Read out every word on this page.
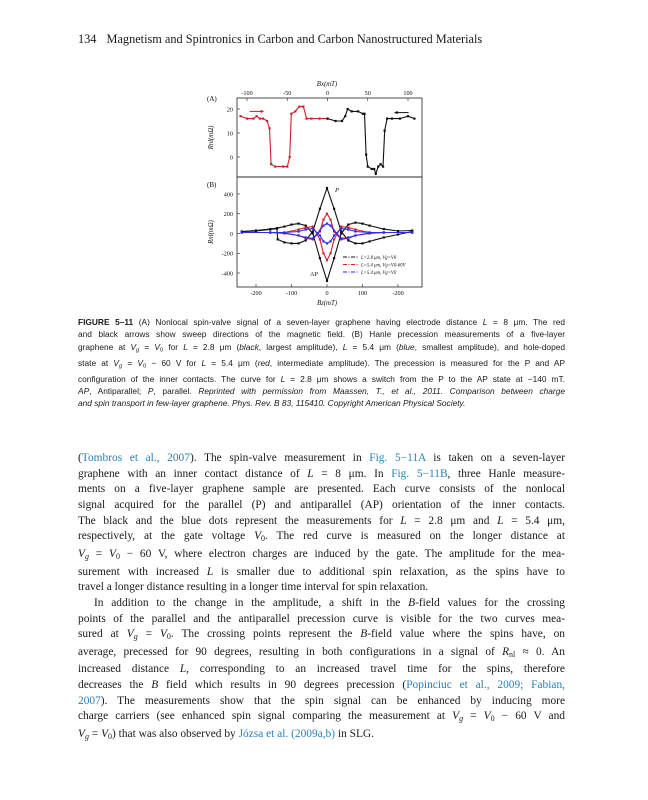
134 Magnetism and Spintronics in Carbon and Carbon Nanostructured Materials
(A)
20
10
0
-100	-50	0	50	100
Rnl(mΩ)
Bx(mT)
(B)
400
200
0
-200
-400
-200	-100	0	100	-200
Rnl(mΩ)
Bz(mT)
P
AP
L=2.8 μm, Vg=V0
L=5.4 μm, Vg=V0-60V
L=5.4 μm, Vg=V0
FIGURE 5–11 (A) Nonlocal spin-valve signal of a seven-layer graphene having electrode distance L = 8 μm. The red
and black arrows show sweep directions of the magnetic field. (B) Hanle precession measurements of a five-layer
graphene at Vg = V0 for L = 2.8 μm (black, largest amplitude), L = 5.4 μm (blue, smallest amplitude), and hole-doped
state at Vg = V0 − 60 V for L = 5.4 μm (red, intermediate amplitude). The precession is measured for the P and AP
configuration of the inner contacts. The curve for L = 2.8 μm shows a switch from the P to the AP state at −140 mT.
AP, Antiparallel; P, parallel. Reprinted with permission from Maassen, T., et al., 2011. Comparison between charge
and spin transport in few-layer graphene. Phys. Rev. B 83, 115410. Copyright American Physical Society.
(Tombros et al., 2007). The spin-valve measurement in Fig. 5−11A is taken on a seven-layer
graphene with an inner contact distance of L = 8 μm. In Fig. 5−11B, three Hanle measure-
ments on a five-layer graphene sample are presented. Each curve consists of the nonlocal
signal acquired for the parallel (P) and antiparallel (AP) orientation of the inner contacts.
The black and the blue dots represent the measurements for L = 2.8 μm and L = 5.4 μm,
respectively, at the gate voltage V0. The red curve is measured on the longer distance at
Vg = V0 − 60 V, where electron charges are induced by the gate. The amplitude for the mea-
surement with increased L is smaller due to additional spin relaxation, as the spins have to
travel a longer distance resulting in a longer time interval for spin relaxation.
In addition to the change in the amplitude, a shift in the B-field values for the crossing
points of the parallel and the antiparallel precession curve is visible for the two curves mea-
sured at Vg = V0. The crossing points represent the B-field value where the spins have, on
average, precessed for 90 degrees, resulting in both configurations in a signal of Rnl ≈ 0. An
increased distance L, corresponding to an increased travel time for the spins, therefore
decreases the B field which results in 90 degrees precession (Popinciuc et al., 2009; Fabian,
2007). The measurements show that the spin signal can be enhanced by inducing more
charge carriers (see enhanced spin signal comparing the measurement at Vg = V0 − 60 V and
Vg = V0) that was also observed by Józsa et al. (2009a,b) in SLG.
